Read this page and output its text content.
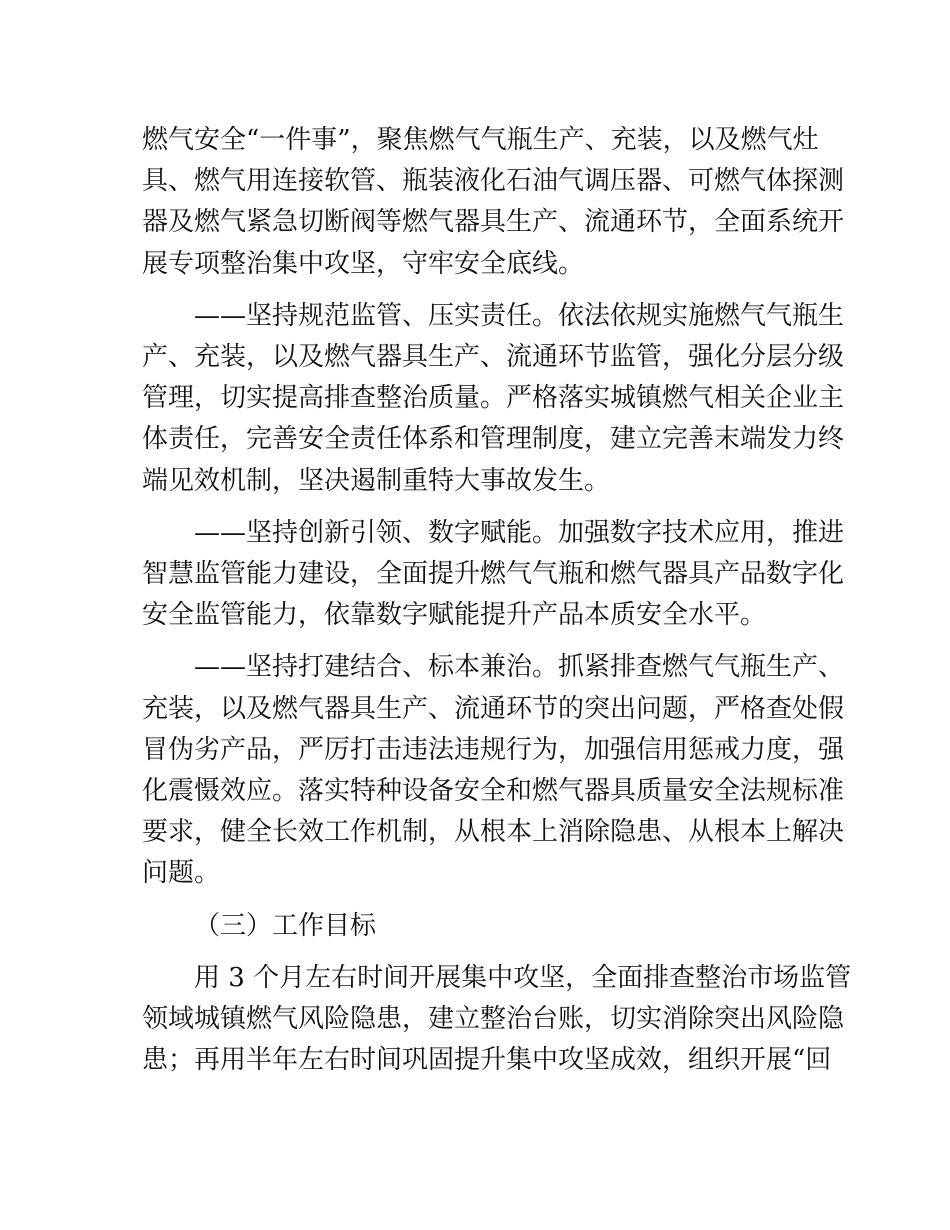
燃气安全“一件事”，聚焦燃气气瓶生产、充装，以及燃气灶
具、燃气用连接软管、瓶装液化石油气调压器、可燃气体探测
器及燃气紧急切断阀等燃气器具生产、流通环节，全面系统开
展专项整治集中攻坚，守牢安全底线。
——坚持规范监管、压实责任。依法依规实施燃气气瓶生
产、充装，以及燃气器具生产、流通环节监管，强化分层分级
管理，切实提高排查整治质量。严格落实城镇燃气相关企业主
体责任，完善安全责任体系和管理制度，建立完善末端发力终
端见效机制，坚决遏制重特大事故发生。
——坚持创新引领、数字赋能。加强数字技术应用，推进
智慧监管能力建设，全面提升燃气气瓶和燃气器具产品数字化
安全监管能力，依靠数字赋能提升产品本质安全水平。
——坚持打建结合、标本兼治。抓紧排查燃气气瓶生产、
充装，以及燃气器具生产、流通环节的突出问题，严格查处假
冒伪劣产品，严厉打击违法违规行为，加强信用惩戒力度，强
化震慑效应。落实特种设备安全和燃气器具质量安全法规标准
要求，健全长效工作机制，从根本上消除隐患、从根本上解决
问题。
（三）工作目标
用 3 个月左右时间开展集中攻坚，全面排查整治市场监管
领域城镇燃气风险隐患，建立整治台账，切实消除突出风险隐
患；再用半年左右时间巩固提升集中攻坚成效，组织开展“回
